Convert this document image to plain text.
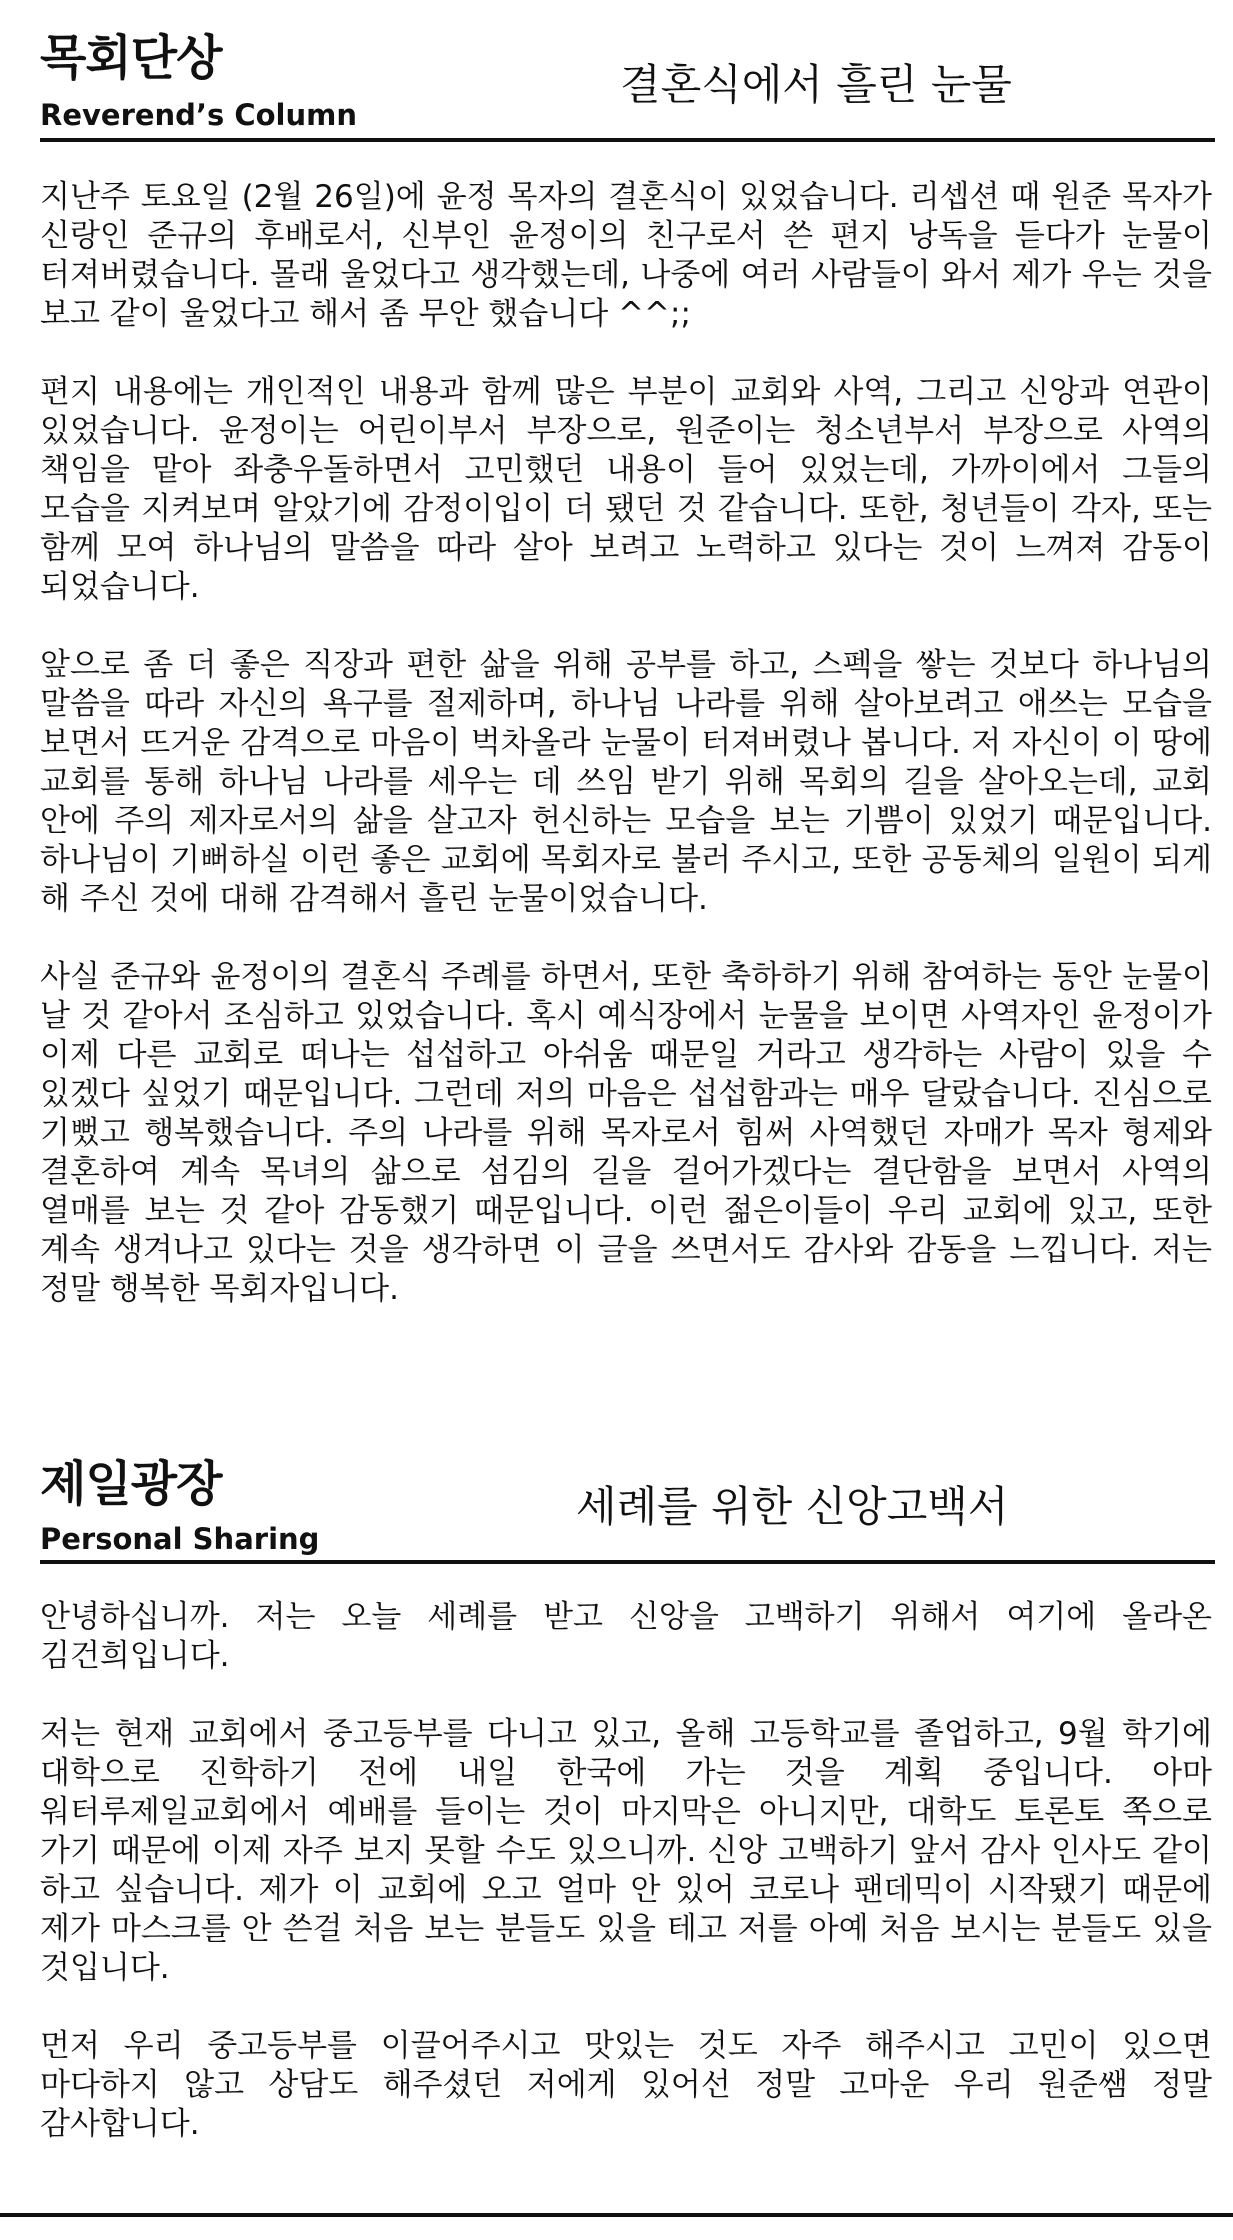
목회단상
Reverend’s Column
결혼식에서 흘린 눈물

지난주 토요일 (2월 26일)에 윤정 목자의 결혼식이 있었습니다. 리셉션 때 원준 목자가 신랑인 준규의 후배로서, 신부인 윤정이의 친구로서 쓴 편지 낭독을 듣다가 눈물이 터져버렸습니다. 몰래 울었다고 생각했는데, 나중에 여러 사람들이 와서 제가 우는 것을 보고 같이 울었다고 해서 좀 무안 했습니다 ^^;;

편지 내용에는 개인적인 내용과 함께 많은 부분이 교회와 사역, 그리고 신앙과 연관이 있었습니다. 윤정이는 어린이부서 부장으로, 원준이는 청소년부서 부장으로 사역의 책임을 맡아 좌충우돌하면서 고민했던 내용이 들어 있었는데, 가까이에서 그들의 모습을 지켜보며 알았기에 감정이입이 더 됐던 것 같습니다. 또한, 청년들이 각자, 또는 함께 모여 하나님의 말씀을 따라 살아 보려고 노력하고 있다는 것이 느껴져 감동이 되었습니다.

앞으로 좀 더 좋은 직장과 편한 삶을 위해 공부를 하고, 스펙을 쌓는 것보다 하나님의 말씀을 따라 자신의 욕구를 절제하며, 하나님 나라를 위해 살아보려고 애쓰는 모습을 보면서 뜨거운 감격으로 마음이 벅차올라 눈물이 터져버렸나 봅니다. 저 자신이 이 땅에 교회를 통해 하나님 나라를 세우는 데 쓰임 받기 위해 목회의 길을 살아오는데, 교회 안에 주의 제자로서의 삶을 살고자 헌신하는 모습을 보는 기쁨이 있었기 때문입니다. 하나님이 기뻐하실 이런 좋은 교회에 목회자로 불러 주시고, 또한 공동체의 일원이 되게 해 주신 것에 대해 감격해서 흘린 눈물이었습니다.

사실 준규와 윤정이의 결혼식 주례를 하면서, 또한 축하하기 위해 참여하는 동안 눈물이 날 것 같아서 조심하고 있었습니다. 혹시 예식장에서 눈물을 보이면 사역자인 윤정이가 이제 다른 교회로 떠나는 섭섭하고 아쉬움 때문일 거라고 생각하는 사람이 있을 수 있겠다 싶었기 때문입니다. 그런데 저의 마음은 섭섭함과는 매우 달랐습니다. 진심으로 기뻤고 행복했습니다. 주의 나라를 위해 목자로서 힘써 사역했던 자매가 목자 형제와 결혼하여 계속 목녀의 삶으로 섬김의 길을 걸어가겠다는 결단함을 보면서 사역의 열매를 보는 것 같아 감동했기 때문입니다. 이런 젊은이들이 우리 교회에 있고, 또한 계속 생겨나고 있다는 것을 생각하면 이 글을 쓰면서도 감사와 감동을 느낍니다. 저는 정말 행복한 목회자입니다.

제일광장
Personal Sharing
세례를 위한 신앙고백서

안녕하십니까. 저는 오늘 세례를 받고 신앙을 고백하기 위해서 여기에 올라온 김건희입니다.

저는 현재 교회에서 중고등부를 다니고 있고, 올해 고등학교를 졸업하고, 9월 학기에 대학으로 진학하기 전에 내일 한국에 가는 것을 계획 중입니다. 아마 워터루제일교회에서 예배를 들이는 것이 마지막은 아니지만, 대학도 토론토 쪽으로 가기 때문에 이제 자주 보지 못할 수도 있으니까. 신앙 고백하기 앞서 감사 인사도 같이 하고 싶습니다. 제가 이 교회에 오고 얼마 안 있어 코로나 팬데믹이 시작됐기 때문에 제가 마스크를 안 쓴걸 처음 보는 분들도 있을 테고 저를 아예 처음 보시는 분들도 있을 것입니다.

먼저 우리 중고등부를 이끌어주시고 맛있는 것도 자주 해주시고 고민이 있으면 마다하지 않고 상담도 해주셨던 저에게 있어선 정말 고마운 우리 원준쌤 정말 감사합니다.
